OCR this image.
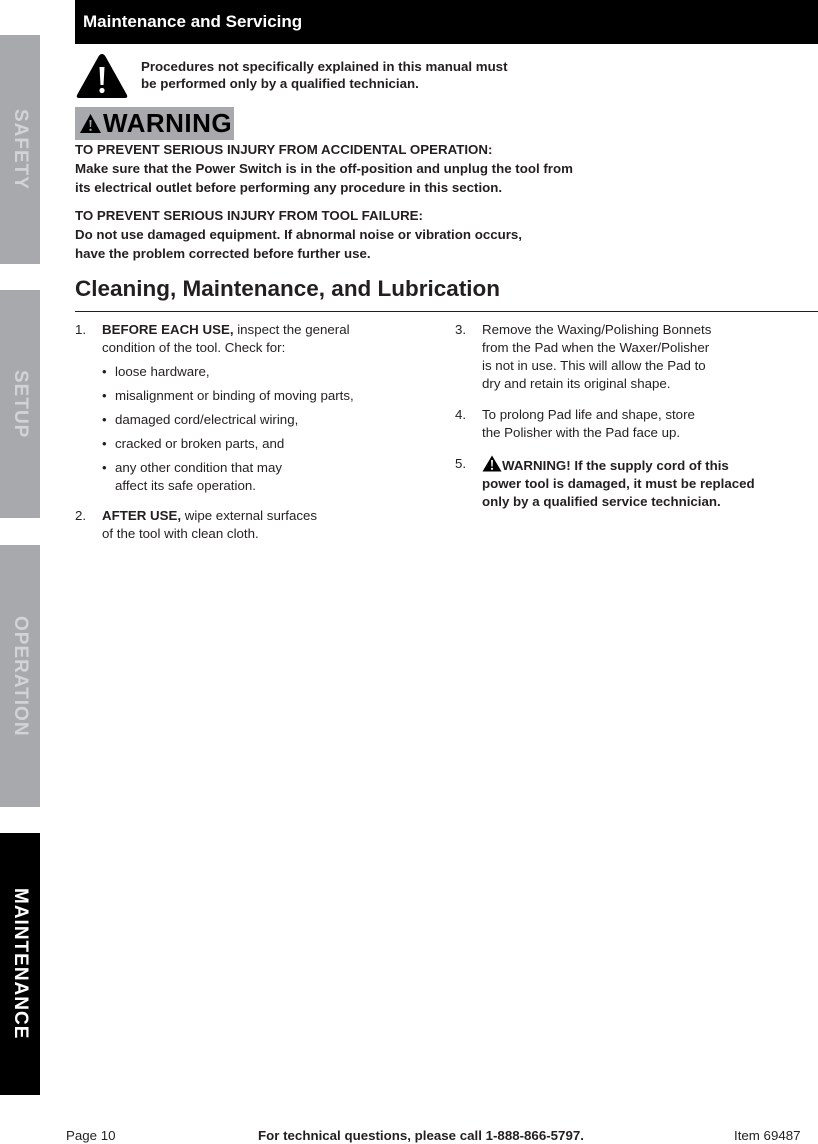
SAFETY
SETUP
OPERATION
MAINTENANCE
Maintenance and Servicing
Procedures not specifically explained in this manual must
be performed only by a qualified technician.
WARNING

TO PREVENT SERIOUS INJURY FROM ACCIDENTAL OPERATION:

Make sure that the Power Switch is in the off-position and unplug the tool from

its electrical outlet before performing any procedure in this section.

TO PREVENT SERIOUS INJURY FROM TOOL FAILURE:

Do not use damaged equipment. If abnormal noise or vibration occurs,

have the problem corrected before further use.

Cleaning, Maintenance, and Lubrication
1. BEFORE EACH USE, inspect the general
condition of the tool. Check for:
• loose hardware,
• misalignment or binding of moving parts,
• damaged cord/electrical wiring,
• cracked or broken parts, and
• any other condition that may
affect its safe operation.
2. AFTER USE, wipe external surfaces
of the tool with clean cloth.
3. Remove the Waxing/Polishing Bonnets
from the Pad when the Waxer/Polisher
is not in use. This will allow the Pad to
dry and retain its original shape.
4. To prolong Pad life and shape, store
the Polisher with the Pad face up.
5.	WARNING! If the supply cord of this
power tool is damaged, it must be replaced
only by a qualified service technician.
Page 10	For technical questions, please call 1-888-866-5797.	Item 69487
